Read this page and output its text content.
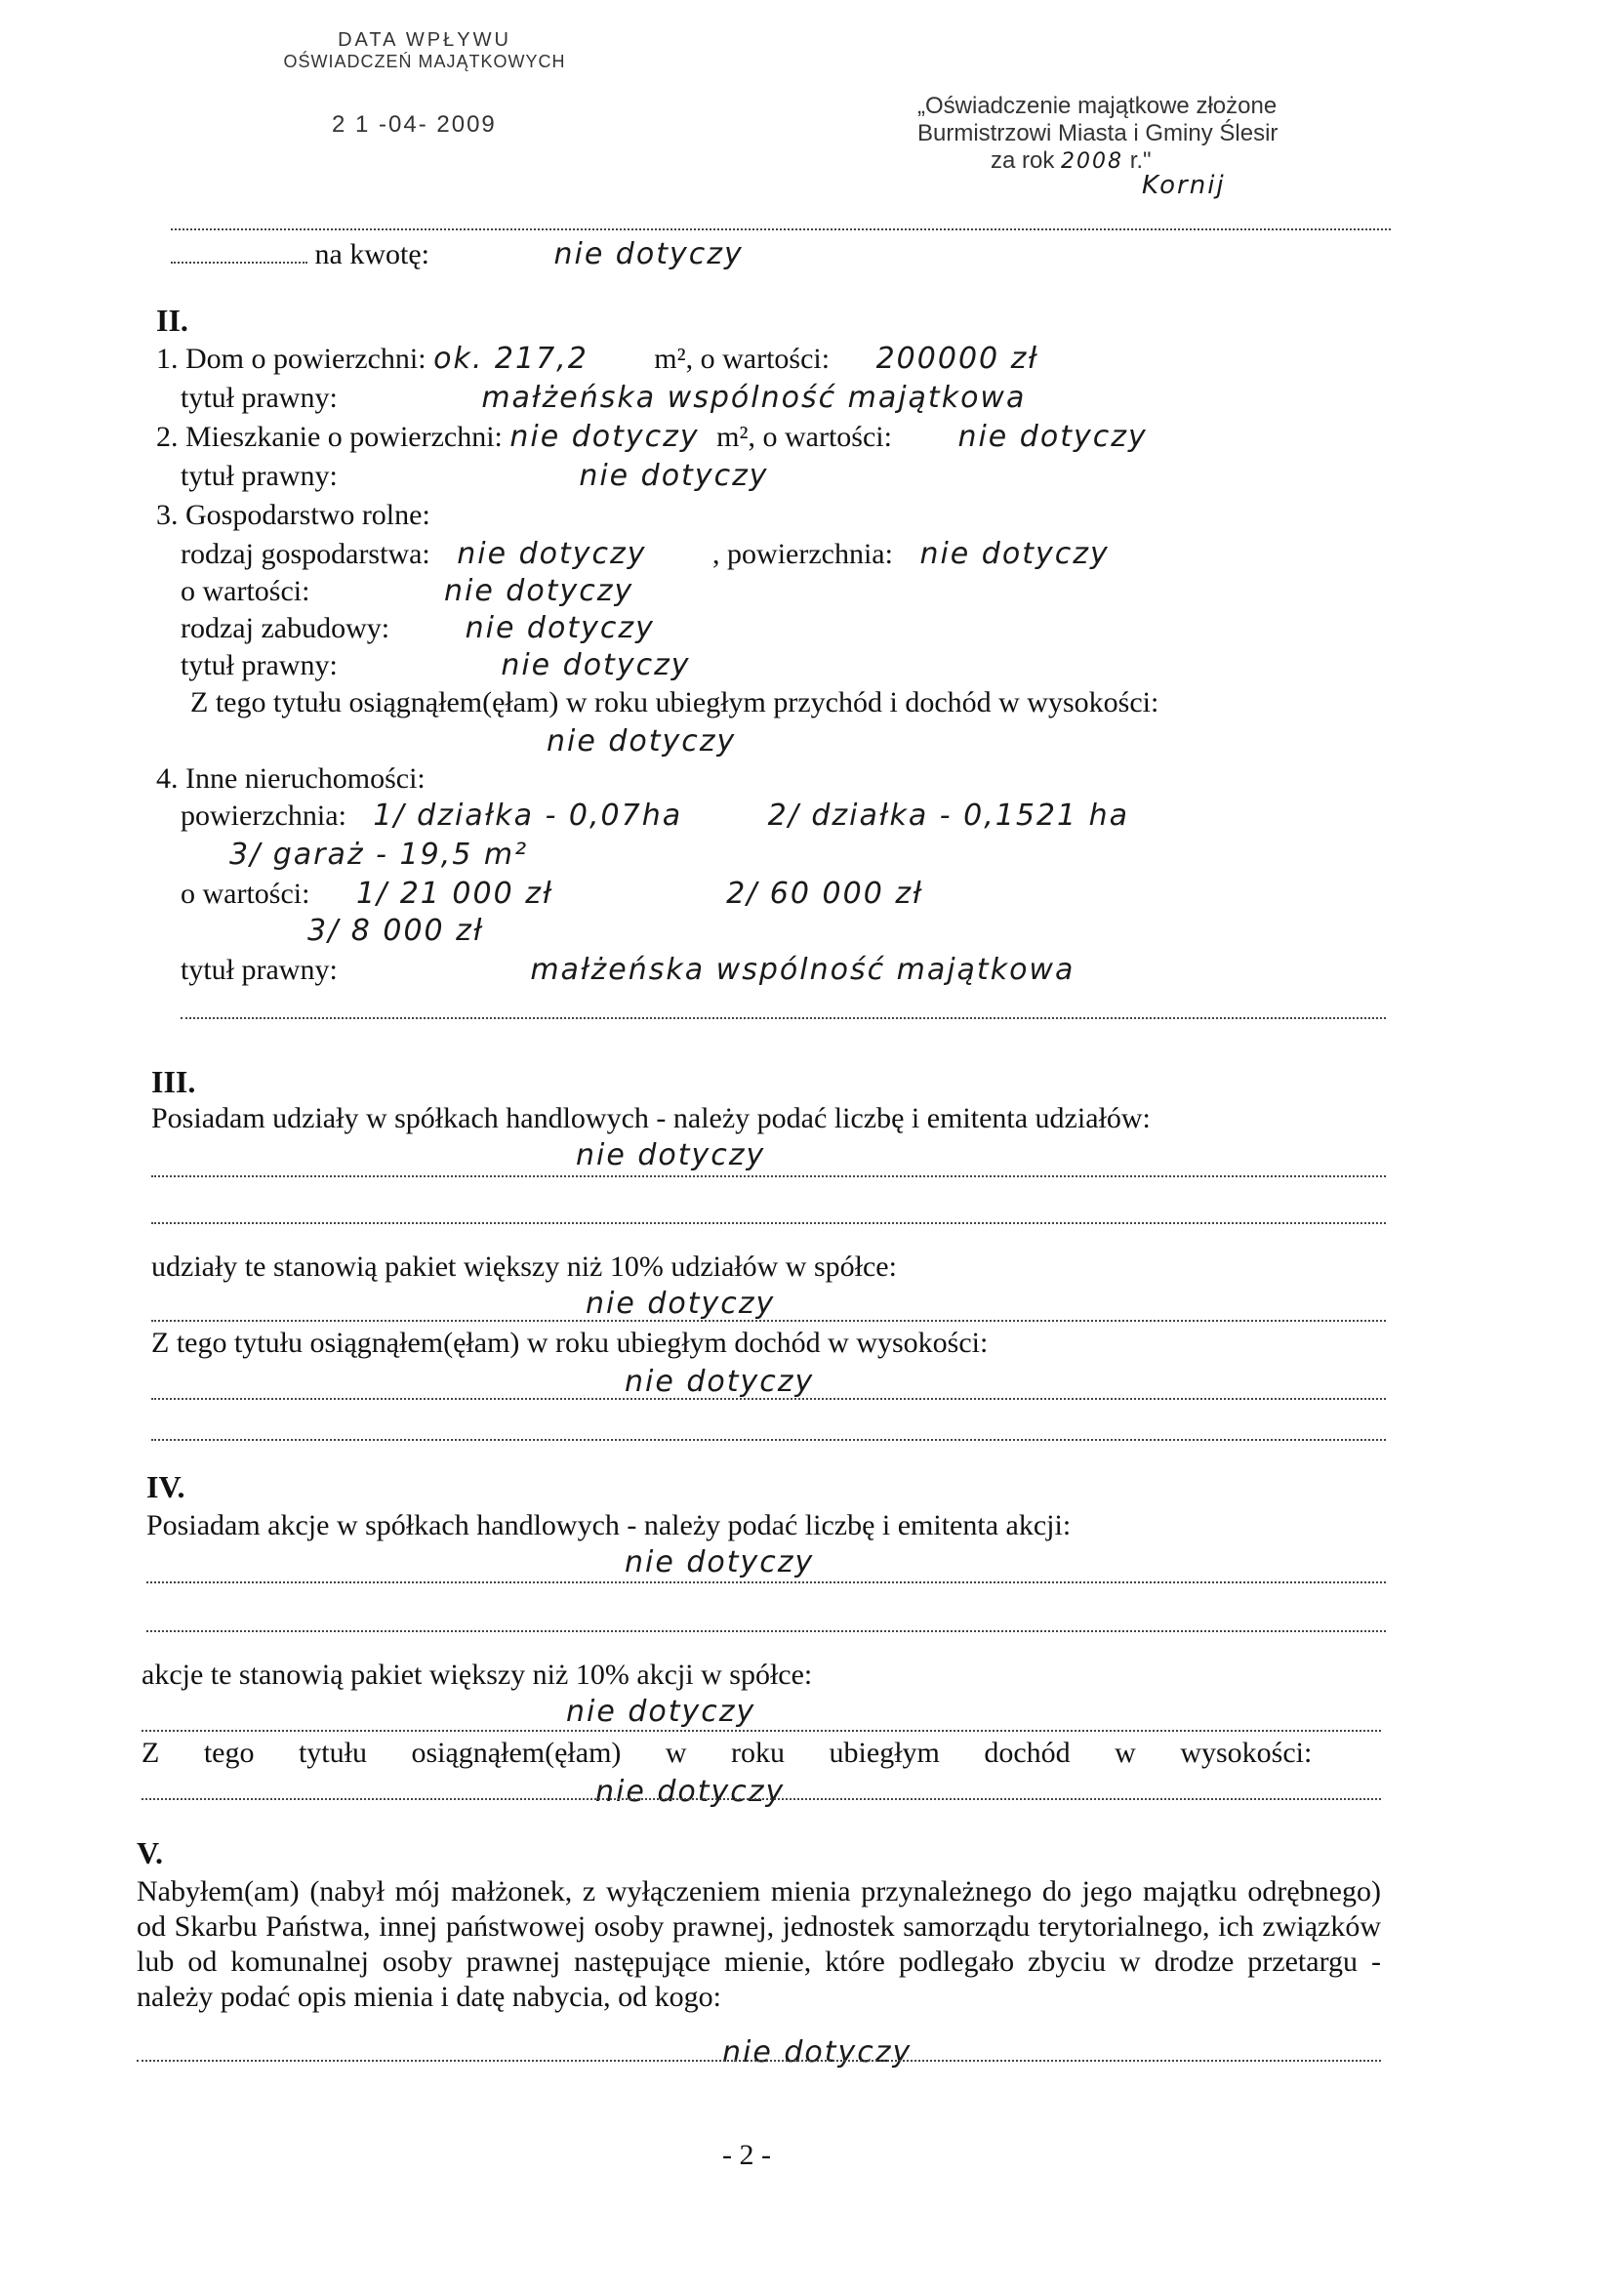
DATA WPŁYWU
OŚWIADCZEŃ MAJĄTKOWYCH
2 1 -04- 2009
„Oświadczenie majątkowe złożone
Burmistrzowi Miasta i Gminy Ślesir
za rok 2008 r."
Kornij
na kwotę:	nie dotyczy
II.
1. Dom o powierzchni: ok. 217,2 m², o wartości: 200000 zł
tytuł prawny:	małżeńska wspólność majątkowa
2. Mieszkanie o powierzchni: nie dotyczy m², o wartości: nie dotyczy
tytuł prawny:	nie dotyczy
3. Gospodarstwo rolne:
rodzaj gospodarstwa: nie dotyczy , powierzchnia: nie dotyczy
o wartości:	nie dotyczy
rodzaj zabudowy:	nie dotyczy
tytuł prawny:	nie dotyczy
Z tego tytułu osiągnąłem(ęłam) w roku ubiegłym przychód i dochód w wysokości:
nie dotyczy
4. Inne nieruchomości:
powierzchnia: 1/ działka - 0,07ha	2/ działka - 0,1521 ha
3/ garaż - 19,5 m²
o wartości: 1/ 21 000 zł	2/ 60 000 zł
3/ 8 000 zł
tytuł prawny:	małżeńska wspólność majątkowa
III.
Posiadam udziały w spółkach handlowych - należy podać liczbę i emitenta udziałów:
nie dotyczy
udziały te stanowią pakiet większy niż 10% udziałów w spółce:
nie dotyczy
Z tego tytułu osiągnąłem(ęłam) w roku ubiegłym dochód w wysokości:
nie dotyczy
IV.
Posiadam akcje w spółkach handlowych - należy podać liczbę i emitenta akcji:
nie dotyczy
akcje te stanowią pakiet większy niż 10% akcji w spółce:
nie dotyczy
Z tego tytułu osiągnąłem(ęłam) w roku ubiegłym dochód w wysokości:
nie dotyczy
V.
Nabyłem(am) (nabył mój małżonek, z wyłączeniem mienia przynależnego do jego majątku odrębnego) od Skarbu Państwa, innej państwowej osoby prawnej, jednostek samorządu terytorialnego, ich związków lub od komunalnej osoby prawnej następujące mienie, które podlegało zbyciu w drodze przetargu - należy podać opis mienia i datę nabycia, od kogo:
nie dotyczy
- 2 -
